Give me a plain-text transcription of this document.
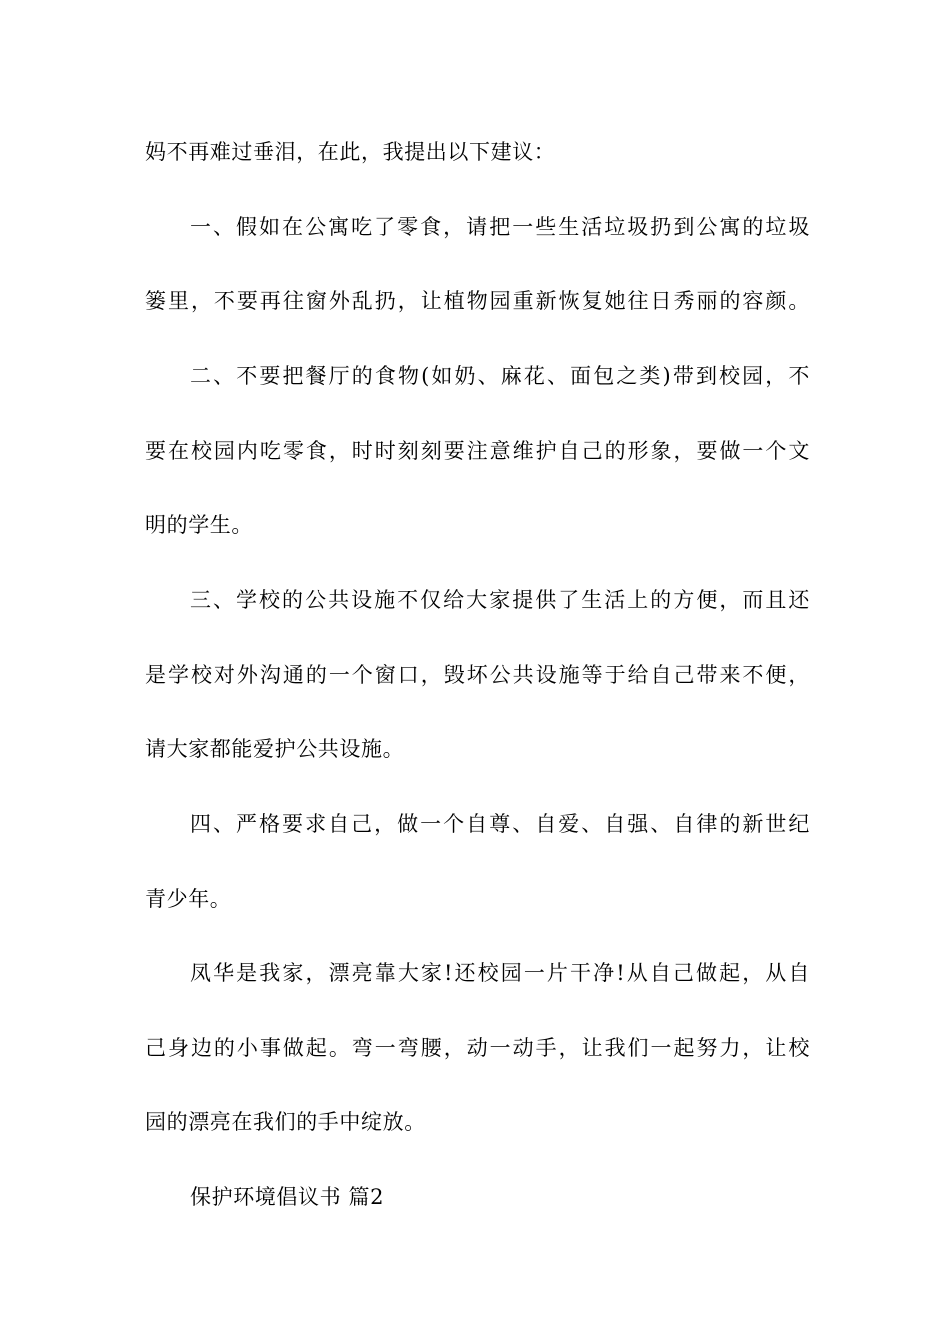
妈不再难过垂泪，在此，我提出以下建议：
一、假如在公寓吃了零食，请把一些生活垃圾扔到公寓的垃圾
篓里，不要再往窗外乱扔，让植物园重新恢复她往日秀丽的容颜。
二、不要把餐厅的食物(如奶、麻花、面包之类)带到校园，不
要在校园内吃零食，时时刻刻要注意维护自己的形象，要做一个文
明的学生。
三、学校的公共设施不仅给大家提供了生活上的方便，而且还
是学校对外沟通的一个窗口，毁坏公共设施等于给自己带来不便，
请大家都能爱护公共设施。
四、严格要求自己，做一个自尊、自爱、自强、自律的新世纪
青少年。
凤华是我家，漂亮靠大家!还校园一片干净!从自己做起，从自
己身边的小事做起。弯一弯腰，动一动手，让我们一起努力，让校
园的漂亮在我们的手中绽放。
保护环境倡议书 篇2
